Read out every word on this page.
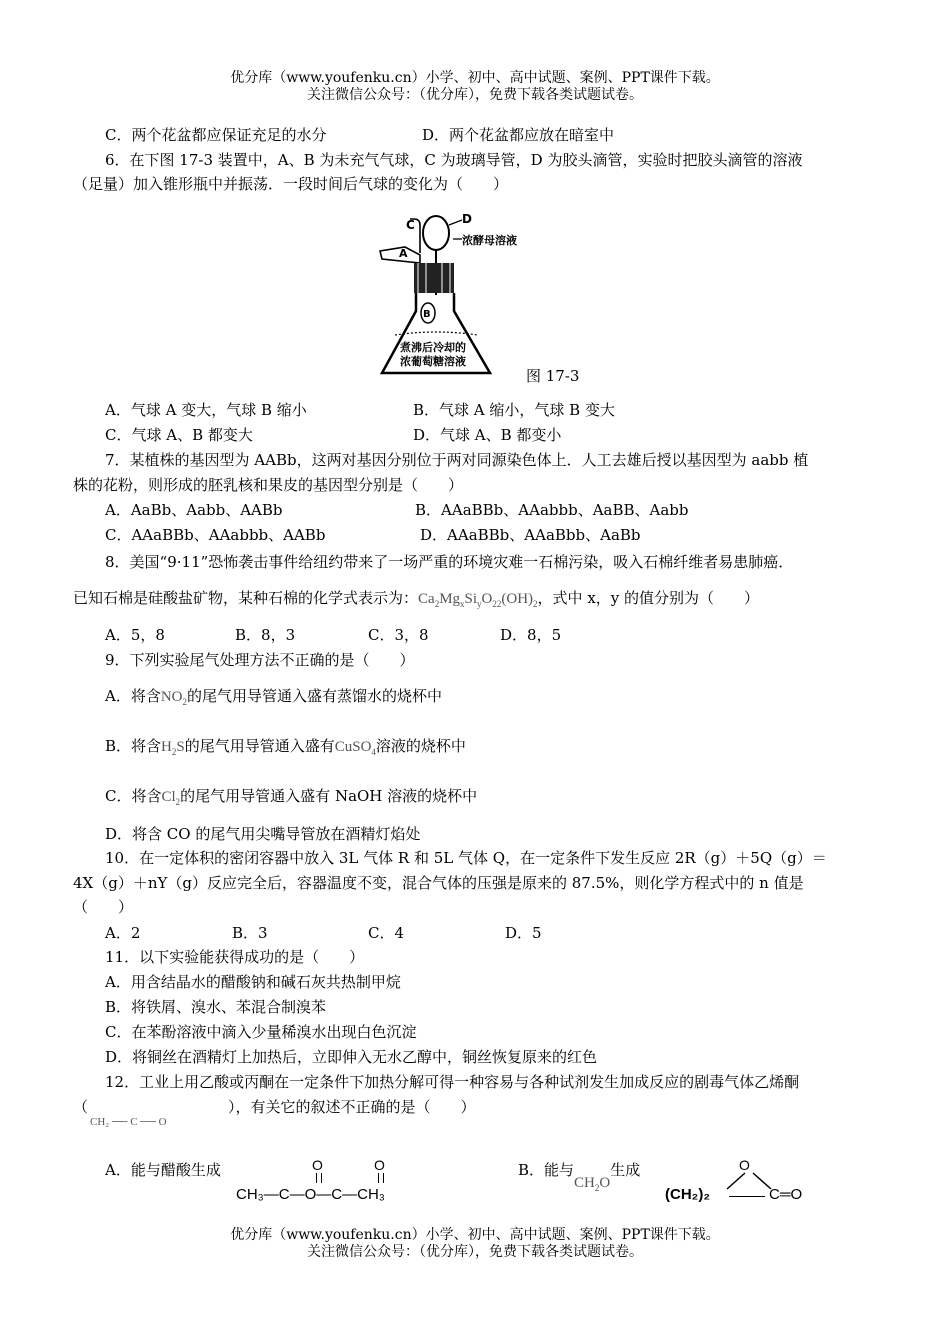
优分库（www.youfenku.cn）小学、初中、高中试题、案例、PPT课件下载。
关注微信公众号：（优分库），免费下载各类试题试卷。
C．两个花盆都应保证充足的水分	D．两个花盆都应放在暗室中
6．在下图 17-3 装置中，A、B 为未充气气球，C 为玻璃导管，D 为胶头滴管，实验时把胶头滴管的溶液
（足量）加入锥形瓶中并振荡．一段时间后气球的变化为（　　）
D
C
浓酵母溶液
A
B
煮沸后冷却的
浓葡萄糖溶液
图 17-3
A．气球 A 变大，气球 B 缩小	B．气球 A 缩小，气球 B 变大
C．气球 A、B 都变大	D．气球 A、B 都变小
7．某植株的基因型为 AABb，这两对基因分别位于两对同源染色体上．人工去雄后授以基因型为 aabb 植
株的花粉，则形成的胚乳核和果皮的基因型分别是（　　）
A．AaBb、Aabb、AABb	B．AAaBBb、AAabbb、AaBB、Aabb
C．AAaBBb、AAabbb、AABb	D．AAaBBb、AAaBbb、AaBb
8．美国“9·11”恐怖袭击事件给纽约带来了一场严重的环境灾难一石棉污染，吸入石棉纤维者易患肺癌．
已知石棉是硅酸盐矿物，某种石棉的化学式表示为：$Ca_2Mg_xSi_yO_{22}(OH)_2$，式中 x，y 的值分别为（　　）
A．5，8	B．8，3	C．3，8	D．8，5
9．下列实验尾气处理方法不正确的是（　　）
A．将含$NO_2$的尾气用导管通入盛有蒸馏水的烧杯中
B．将含$H_2S$的尾气用导管通入盛有CuSO$_4$溶液的烧杯中
C．将含$Cl_2$的尾气用导管通入盛有 NaOH 溶液的烧杯中
D．将含 CO 的尾气用尖嘴导管放在酒精灯焰处
10．在一定体积的密闭容器中放入 3L 气体 R 和 5L 气体 Q，在一定条件下发生反应 2R（g）＋5Q（g）＝
4X（g）＋nY（g）反应完全后，容器温度不变，混合气体的压强是原来的 87.5%，则化学方程式中的 n 值是
（　　）
A．2	B．3	C．4	D．5
11．以下实验能获得成功的是（　　）
A．用含结晶水的醋酸钠和碱石灰共热制甲烷
B．将铁屑、溴水、苯混合制溴苯
C．在苯酚溶液中滴入少量稀溴水出现白色沉淀
D．将铜丝在酒精灯上加热后，立即伸入无水乙醇中，铜丝恢复原来的红色
12．工业上用乙酸或丙酮在一定条件下加热分解可得一种容易与各种试剂发生加成反应的剧毒气体乙烯酮
（	），有关它的叙述不正确的是（　　）
CH₂ ── C ── O
A．能与醋酸生成	O	O
CH₃—C—O—C—CH₃
B．能与$CH_2O$生成	O
(CH₂)₂	C═O
优分库（www.youfenku.cn）小学、初中、高中试题、案例、PPT课件下载。
关注微信公众号：（优分库），免费下载各类试题试卷。
